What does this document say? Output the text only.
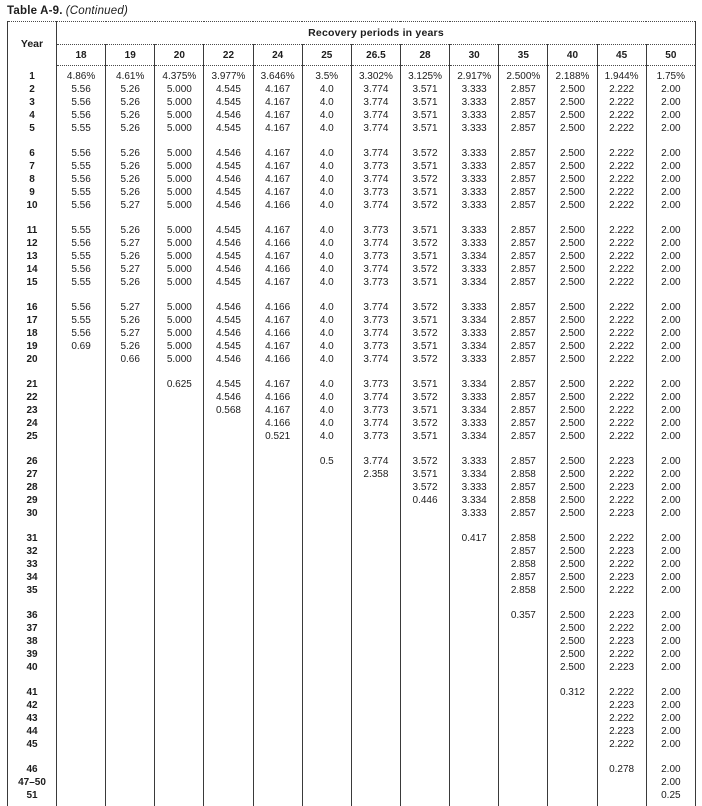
Table A-9. (Continued)
Year	Recovery periods in years												
	18	19	20	22	24	25	26.5	28	30	35	40	45	50

1	4.86%	4.61%	4.375%	3.977%	3.646%	3.5%	3.302%	3.125%	2.917%	2.500%	2.188%	1.944%	1.75%
2	5.56	5.26	5.000	4.545	4.167	4.0	3.774	3.571	3.333	2.857	2.500	2.222	2.00
3	5.56	5.26	5.000	4.545	4.167	4.0	3.774	3.571	3.333	2.857	2.500	2.222	2.00
4	5.56	5.26	5.000	4.546	4.167	4.0	3.774	3.571	3.333	2.857	2.500	2.222	2.00
5	5.55	5.26	5.000	4.545	4.167	4.0	3.774	3.571	3.333	2.857	2.500	2.222	2.00

6	5.56	5.26	5.000	4.546	4.167	4.0	3.774	3.572	3.333	2.857	2.500	2.222	2.00
7	5.55	5.26	5.000	4.545	4.167	4.0	3.773	3.571	3.333	2.857	2.500	2.222	2.00
8	5.56	5.26	5.000	4.546	4.167	4.0	3.774	3.572	3.333	2.857	2.500	2.222	2.00
9	5.55	5.26	5.000	4.545	4.167	4.0	3.773	3.571	3.333	2.857	2.500	2.222	2.00
10	5.56	5.27	5.000	4.546	4.166	4.0	3.774	3.572	3.333	2.857	2.500	2.222	2.00

11	5.55	5.26	5.000	4.545	4.167	4.0	3.773	3.571	3.333	2.857	2.500	2.222	2.00
12	5.56	5.27	5.000	4.546	4.166	4.0	3.774	3.572	3.333	2.857	2.500	2.222	2.00
13	5.55	5.26	5.000	4.545	4.167	4.0	3.773	3.571	3.334	2.857	2.500	2.222	2.00
14	5.56	5.27	5.000	4.546	4.166	4.0	3.774	3.572	3.333	2.857	2.500	2.222	2.00
15	5.55	5.26	5.000	4.545	4.167	4.0	3.773	3.571	3.334	2.857	2.500	2.222	2.00

16	5.56	5.27	5.000	4.546	4.166	4.0	3.774	3.572	3.333	2.857	2.500	2.222	2.00
17	5.55	5.26	5.000	4.545	4.167	4.0	3.773	3.571	3.334	2.857	2.500	2.222	2.00
18	5.56	5.27	5.000	4.546	4.166	4.0	3.774	3.572	3.333	2.857	2.500	2.222	2.00
19	0.69	5.26	5.000	4.545	4.167	4.0	3.773	3.571	3.334	2.857	2.500	2.222	2.00
20		0.66	5.000	4.546	4.166	4.0	3.774	3.572	3.333	2.857	2.500	2.222	2.00

21			0.625	4.545	4.167	4.0	3.773	3.571	3.334	2.857	2.500	2.222	2.00
22				4.546	4.166	4.0	3.774	3.572	3.333	2.857	2.500	2.222	2.00
23				0.568	4.167	4.0	3.773	3.571	3.334	2.857	2.500	2.222	2.00
24					4.166	4.0	3.774	3.572	3.333	2.857	2.500	2.222	2.00
25					0.521	4.0	3.773	3.571	3.334	2.857	2.500	2.222	2.00

26						0.5	3.774	3.572	3.333	2.857	2.500	2.223	2.00
27							2.358	3.571	3.334	2.858	2.500	2.222	2.00
28								3.572	3.333	2.857	2.500	2.223	2.00
29								0.446	3.334	2.858	2.500	2.222	2.00
30									3.333	2.857	2.500	2.223	2.00

31									0.417	2.858	2.500	2.222	2.00
32										2.857	2.500	2.223	2.00
33										2.858	2.500	2.222	2.00
34										2.857	2.500	2.223	2.00
35										2.858	2.500	2.222	2.00

36										0.357	2.500	2.223	2.00
37											2.500	2.222	2.00
38											2.500	2.223	2.00
39											2.500	2.222	2.00
40											2.500	2.223	2.00

41											0.312	2.222	2.00
42												2.223	2.00
43												2.222	2.00
44												2.223	2.00
45												2.222	2.00

46												0.278	2.00
47–50													2.00
51													0.25
